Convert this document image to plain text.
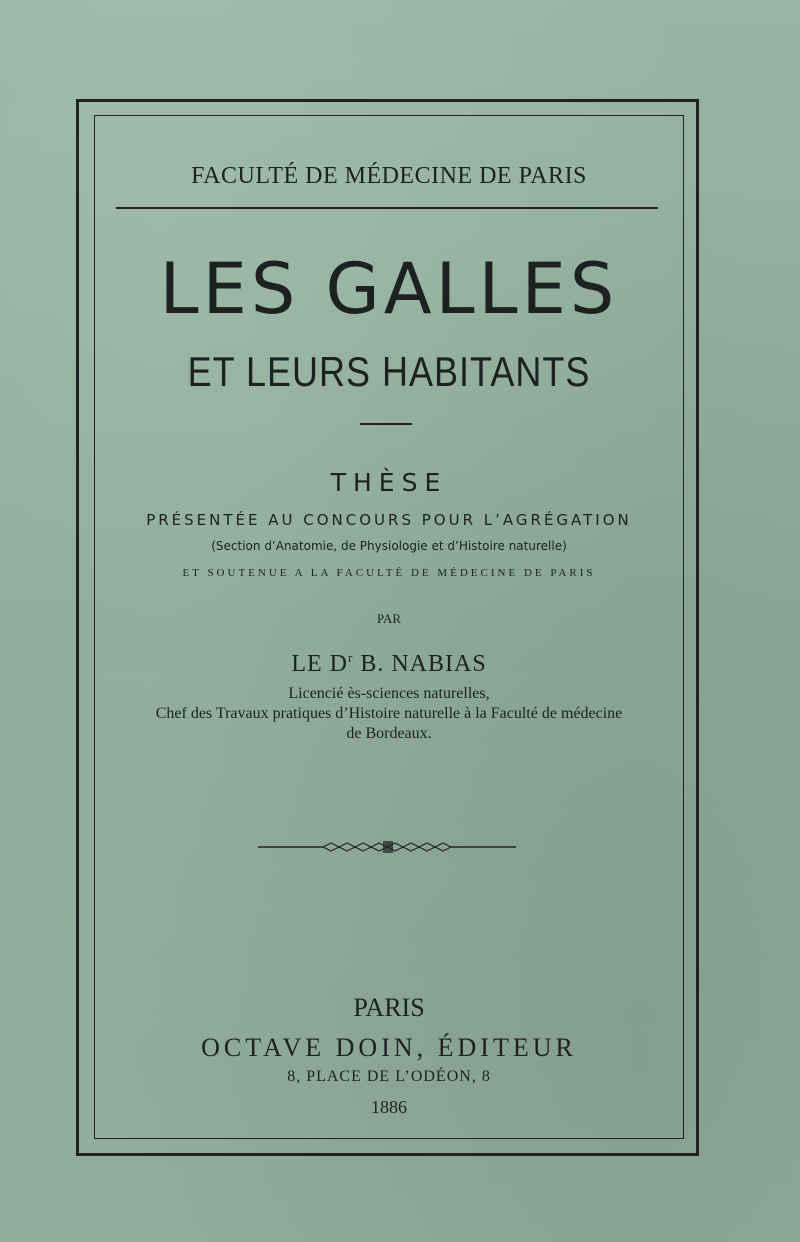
FACULTÉ DE MÉDECINE DE PARIS
LES GALLES
ET LEURS HABITANTS
THÈSE
PRÉSENTÉE AU CONCOURS POUR L’AGRÉGATION
(Section d’Anatomie, de Physiologie et d’Histoire naturelle)
ET SOUTENUE A LA FACULTÉ DE MÉDECINE DE PARIS
PAR
LE $D^r$ B. NABIAS
Licencié ès-sciences naturelles,
Chef des Travaux pratiques d’Histoire naturelle à la Faculté de médecine
de Bordeaux.
PARIS
OCTAVE DOIN, ÉDITEUR
8, PLACE DE L’ODÉON, 8
1886
